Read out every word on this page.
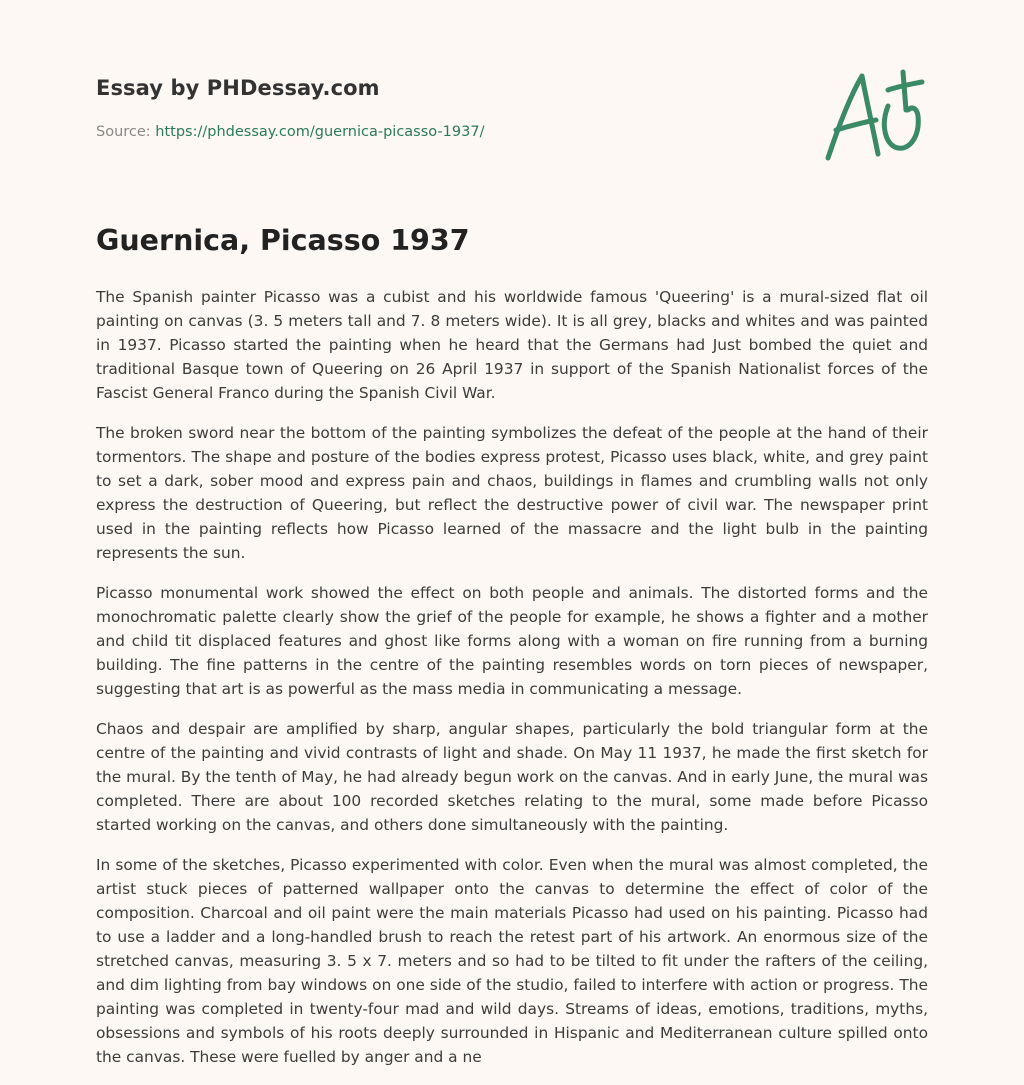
Essay by PHDessay.com
Source: https://phdessay.com/guernica-picasso-1937/
Guernica, Picasso 1937

The Spanish painter Picasso was a cubist and his worldwide famous 'Queering' is a mural-sized flat oil painting on canvas (3. 5 meters tall and 7. 8 meters wide). It is all grey, blacks and whites and was painted in 1937. Picasso started the painting when he heard that the Germans had Just bombed the quiet and traditional Basque town of Queering on 26 April 1937 in support of the Spanish Nationalist forces of the Fascist General Franco during the Spanish Civil War.

The broken sword near the bottom of the painting symbolizes the defeat of the people at the hand of their tormentors. The shape and posture of the bodies express protest, Picasso uses black, white, and grey paint to set a dark, sober mood and express pain and chaos, buildings in flames and crumbling walls not only express the destruction of Queering, but reflect the destructive power of civil war. The newspaper print used in the painting reflects how Picasso learned of the massacre and the light bulb in the painting represents the sun.

Picasso monumental work showed the effect on both people and animals. The distorted forms and the monochromatic palette clearly show the grief of the people for example, he shows a fighter and a mother and child tit displaced features and ghost like forms along with a woman on fire running from a burning building. The fine patterns in the centre of the painting resembles words on torn pieces of newspaper, suggesting that art is as powerful as the mass media in communicating a message.

Chaos and despair are amplified by sharp, angular shapes, particularly the bold triangular form at the centre of the painting and vivid contrasts of light and shade. On May 11 1937, he made the first sketch for the mural. By the tenth of May, he had already begun work on the canvas. And in early June, the mural was completed. There are about 100 recorded sketches relating to the mural, some made before Picasso started working on the canvas, and others done simultaneously with the painting.

In some of the sketches, Picasso experimented with color. Even when the mural was almost completed, the artist stuck pieces of patterned wallpaper onto the canvas to determine the effect of color of the composition. Charcoal and oil paint were the main materials Picasso had used on his painting. Picasso had to use a ladder and a long-handled brush to reach the retest part of his artwork. An enormous size of the stretched canvas, measuring 3. 5 x 7. meters and so had to be tilted to fit under the rafters of the ceiling, and dim lighting from bay windows on one side of the studio, failed to interfere with action or progress. The painting was completed in twenty-four mad and wild days. Streams of ideas, emotions, traditions, myths, obsessions and symbols of his roots deeply surrounded in Hispanic and Mediterranean culture spilled onto the canvas. These were fuelled by anger and a ne
